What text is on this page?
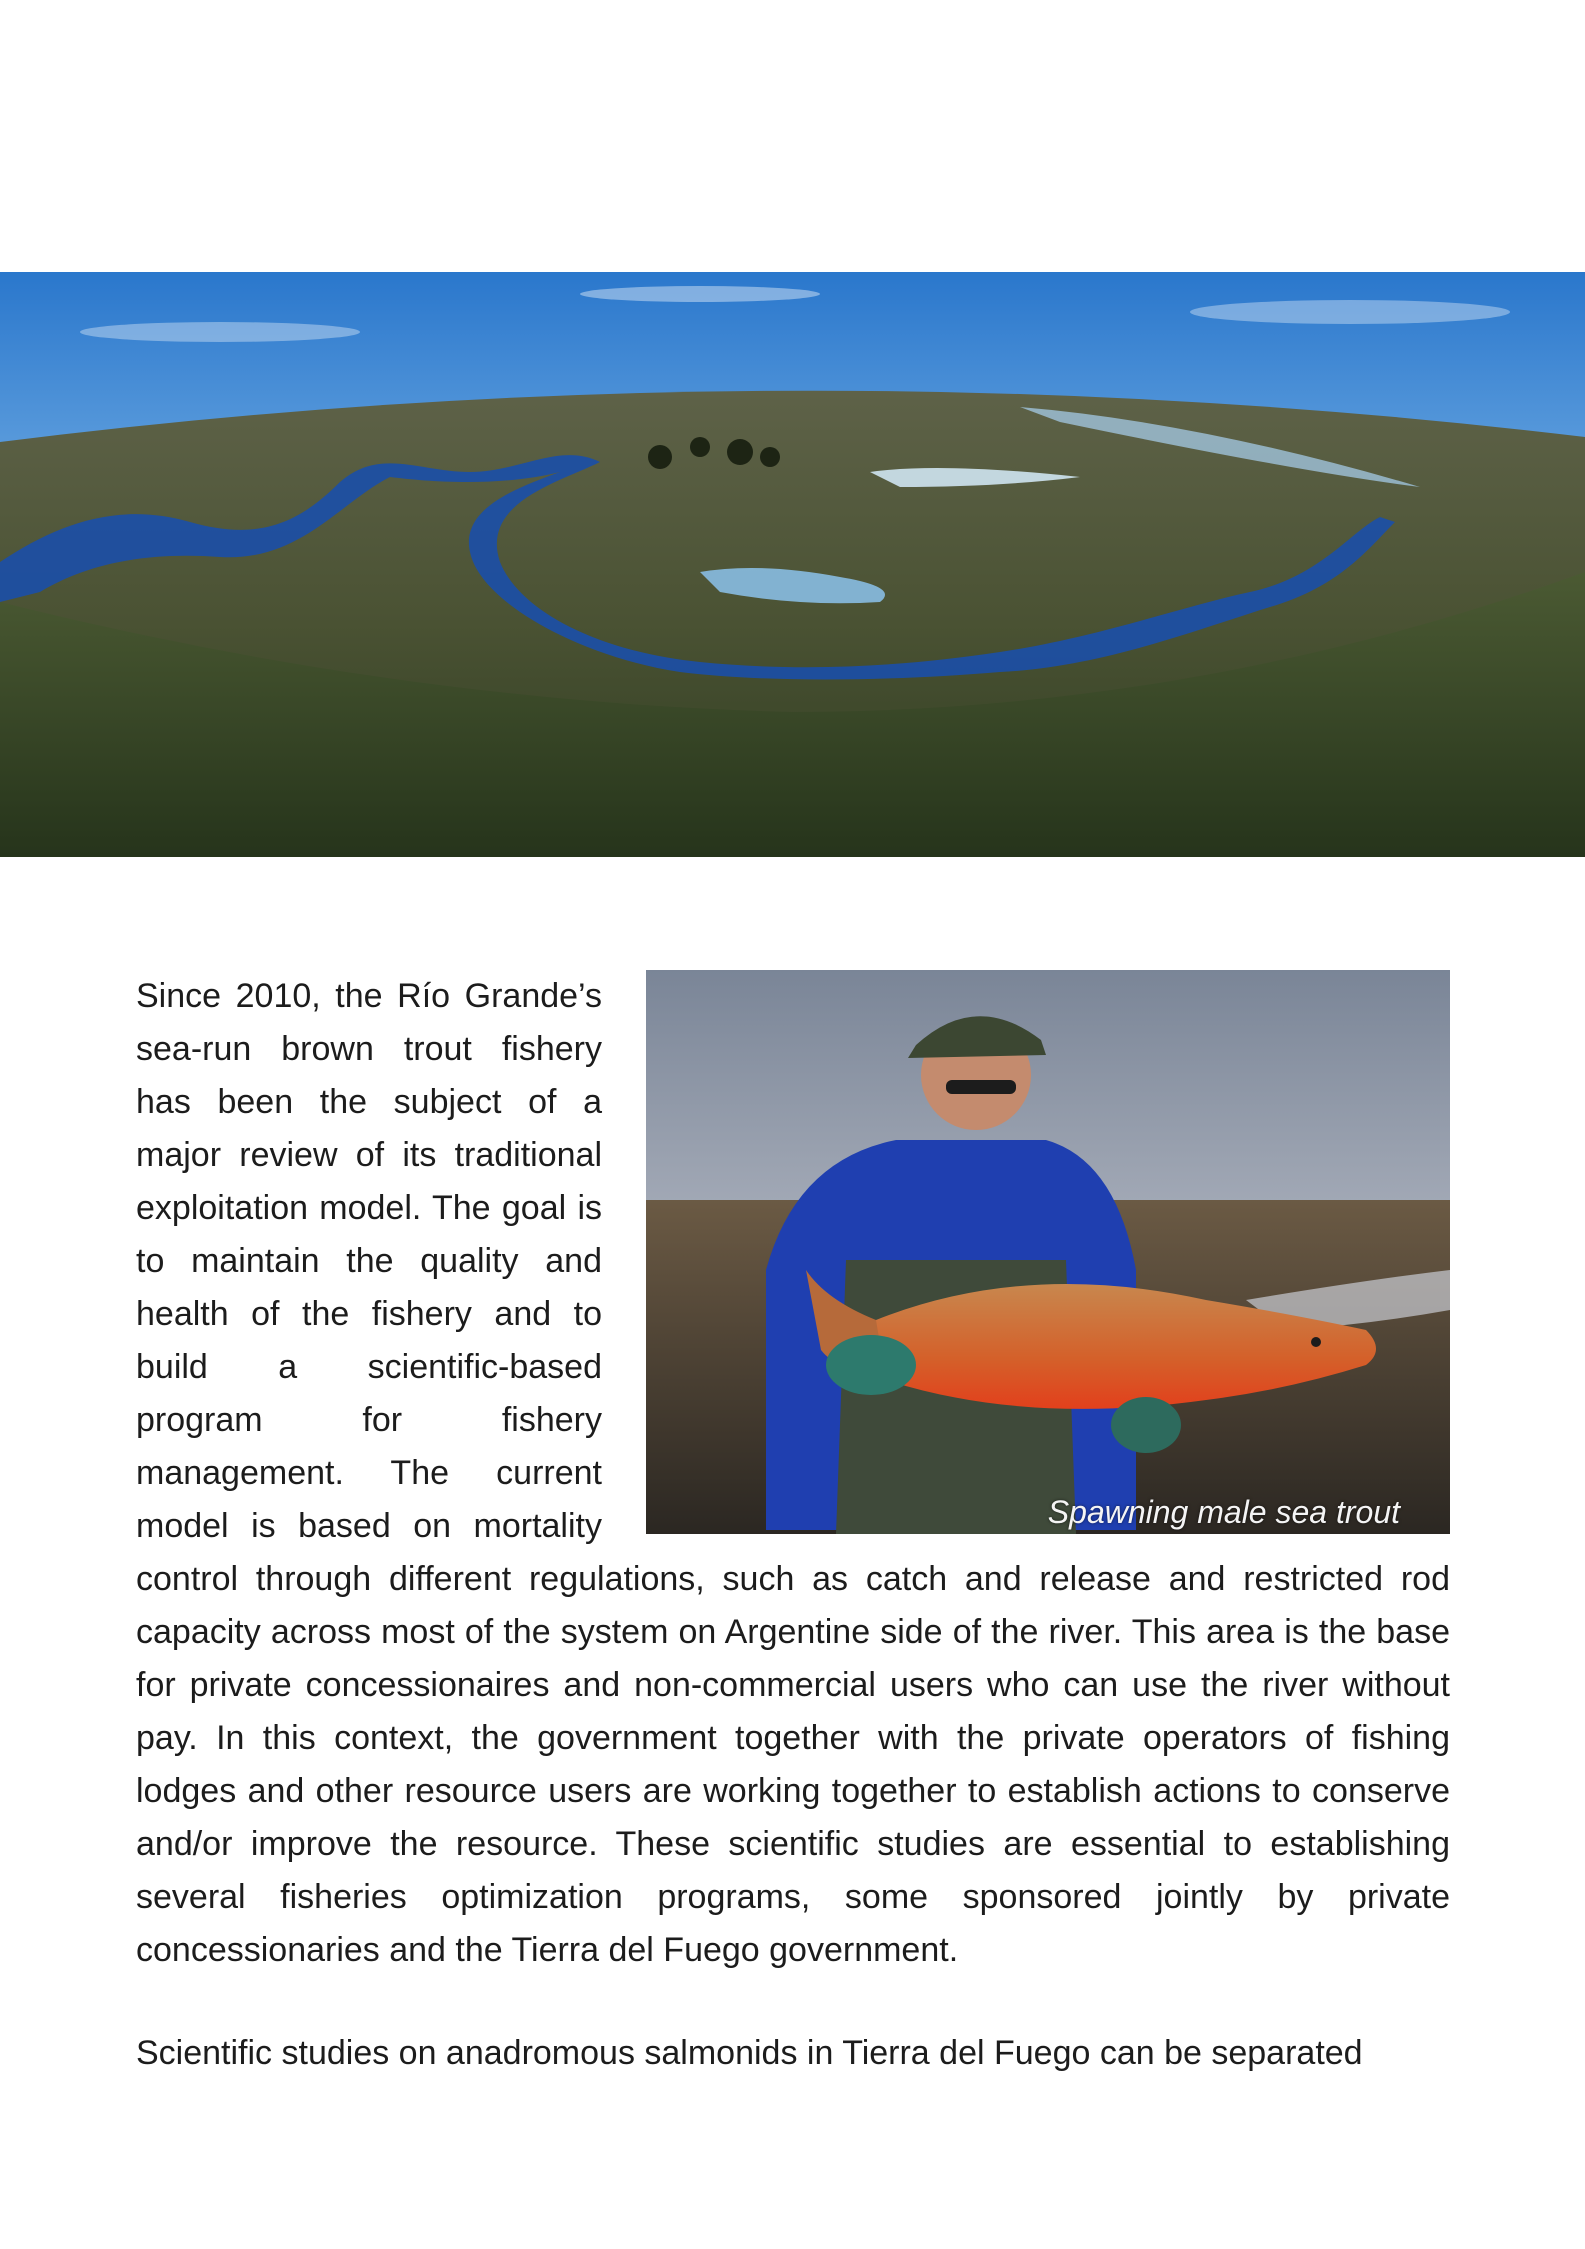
Spawning male sea trout
Since 2010, the Río Grande’s sea-run brown trout fishery has been the subject of a major review of its traditional exploitation model. The goal is to maintain the quality and health of the fishery and to build a scientific-based program for fishery management. The current model is based on mortality control through different regulations, such as catch and release and restricted rod capacity across most of the system on Argentine side of the river. This area is the base for private concessionaires and non-commercial users who can use the river without pay. In this context, the government together with the private operators of fishing lodges and other resource users are working together to establish actions to conserve and/or improve the resource. These scientific studies are essential to establishing several fisheries optimization programs, some sponsored jointly by private concessionaries and the Tierra del Fuego government.

Scientific studies on anadromous salmonids in Tierra del Fuego can be separated
